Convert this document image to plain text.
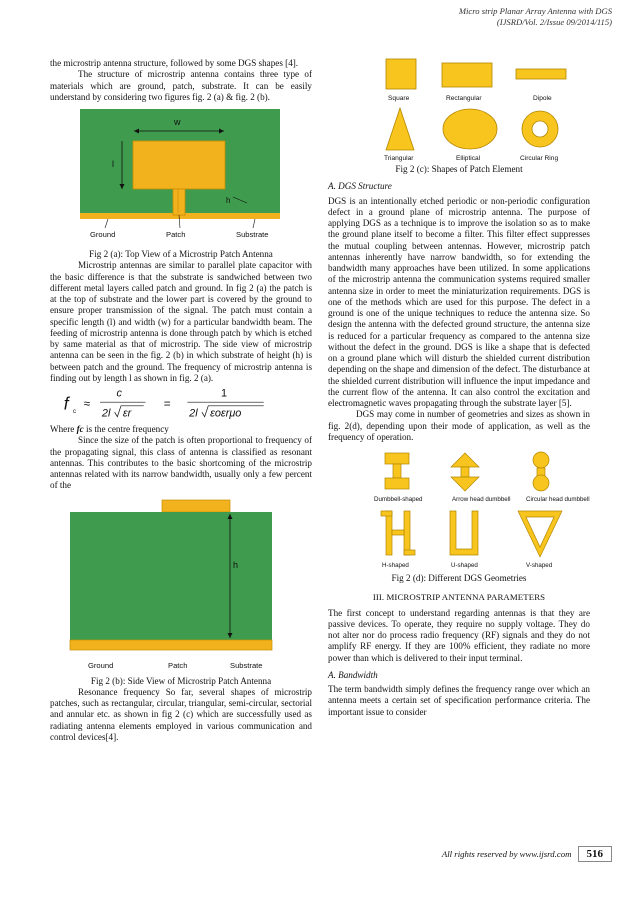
Micro strip Planar Array Antenna with DGS
(IJSRD/Vol. 2/Issue 09/2014/115)

the microstrip antenna structure, followed by some DGS shapes [4].

The structure of microstrip antenna contains three type of materials which are ground, patch, substrate. It can be easily understand by considering two figures fig. 2 (a) & fig. 2 (b).

w
l
h
Ground	Patch	Substrate

Fig 2 (a): Top View of a Microstrip Patch Antenna

Microstrip antennas are similar to parallel plate capacitor with the basic difference is that the substrate is sandwiched between two different metal layers called patch and ground. In fig 2 (a) the patch is at the top of substrate and the lower part is covered by the ground to ensure proper transmission of the signal. The patch must contain a specific length (l) and width (w) for a particular bandwidth beam. The feeding of microstrip antenna is done through patch by which is etched by same material as that of microstrip. The side view of microstrip antenna can be seen in the fig. 2 (b) in which substrate of height (h) is between patch and the ground. The frequency of microstrip antenna is finding out by length l as shown in fig. 2 (a).

f c
≈
c
2l εr
=
1
2l εoεrμo

Where fc is the centre frequency

Since the size of the patch is often proportional to frequency of the propagating signal, this class of antenna is classified as resonant antennas. This contributes to the basic shortcoming of the microstrip antennas related with its narrow bandwidth, usually only a few percent of the

h
Ground	Patch	Substrate

Fig 2 (b): Side View of Microstrip Patch Antenna

Resonance frequency So far, several shapes of microstrip patches, such as rectangular, circular, triangular, semi-circular, sectorial and annular etc. as shown in fig 2 (c) which are successfully used as radiating antenna elements employed in various communication and control devices[4].

Square	Rectangular	Dipole
Triangular	Elliptical	Circular Ring

Fig 2 (c): Shapes of Patch Element

A. DGS Structure

DGS is an intentionally etched periodic or non-periodic configuration defect in a ground plane of microstrip antenna. The purpose of applying DGS as a technique is to improve the isolation so as to make the ground plane itself to become a filter. This filter effect suppresses the mutual coupling between antennas. However, microstrip patch antennas inherently have narrow bandwidth, so for extending the bandwidth many approaches have been utilized. In some applications of the microstrip antenna the communication systems required smaller antenna size in order to meet the miniaturization requirements. DGS is one of the methods which are used for this purpose. The defect in a ground is one of the unique techniques to reduce the antenna size. So design the antenna with the defected ground structure, the antenna size is reduced for a particular frequency as compared to the antenna size without the defect in the ground. DGS is like a shape that is defected on a ground plane which will disturb the shielded current distribution depending on the shape and dimension of the defect. The disturbance at the shielded current distribution will influence the input impedance and the current flow of the antenna. It can also control the excitation and electromagnetic waves propagating through the substrate layer [5].

DGS may come in number of geometries and sizes as shown in fig. 2(d), depending upon their mode of application, as well as the frequency of operation.

Dumbbell-shaped	Arrow head dumbbell	Circular head dumbbell
H-shaped	U-shaped	V-shaped

Fig 2 (d): Different DGS Geometries

III. MICROSTRIP ANTENNA PARAMETERS

The first concept to understand regarding antennas is that they are passive devices. To operate, they require no supply voltage. They do not alter nor do process radio frequency (RF) signals and they do not amplify RF energy. If they are 100% efficient, they radiate no more power than which is delivered to their input terminal.

A. Bandwidth

The term bandwidth simply defines the frequency range over which an antenna meets a certain set of specification performance criteria. The important issue to consider

All rights reserved by www.ijsrd.com	516
